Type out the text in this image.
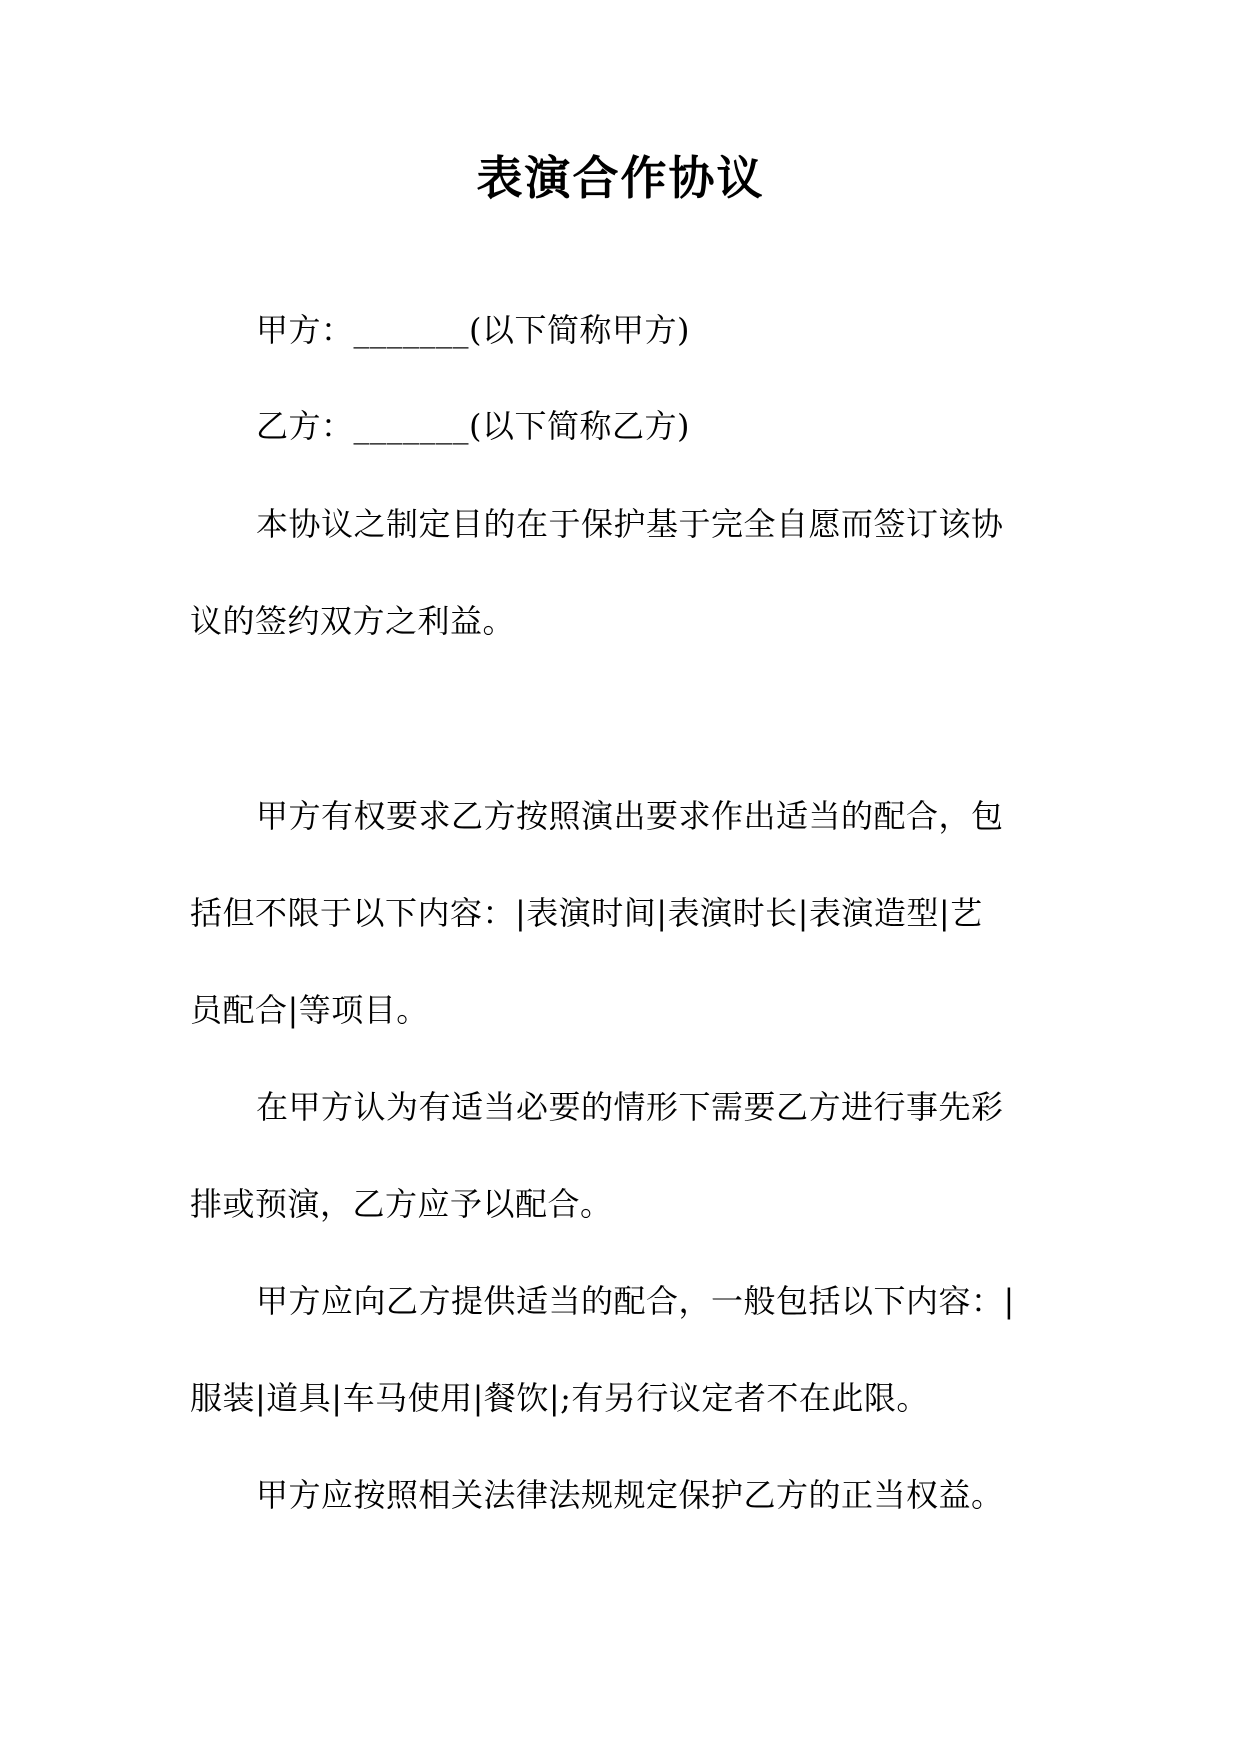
表演合作协议
甲方：_______(以下简称甲方)
乙方：_______(以下简称乙方)
本协议之制定目的在于保护基于完全自愿而签订该协
议的签约双方之利益。
甲方有权要求乙方按照演出要求作出适当的配合，包
括但不限于以下内容：|表演时间|表演时长|表演造型|艺
员配合|等项目。
在甲方认为有适当必要的情形下需要乙方进行事先彩
排或预演，乙方应予以配合。
甲方应向乙方提供适当的配合，一般包括以下内容：|
服装|道具|车马使用|餐饮|;有另行议定者不在此限。
甲方应按照相关法律法规规定保护乙方的正当权益。
